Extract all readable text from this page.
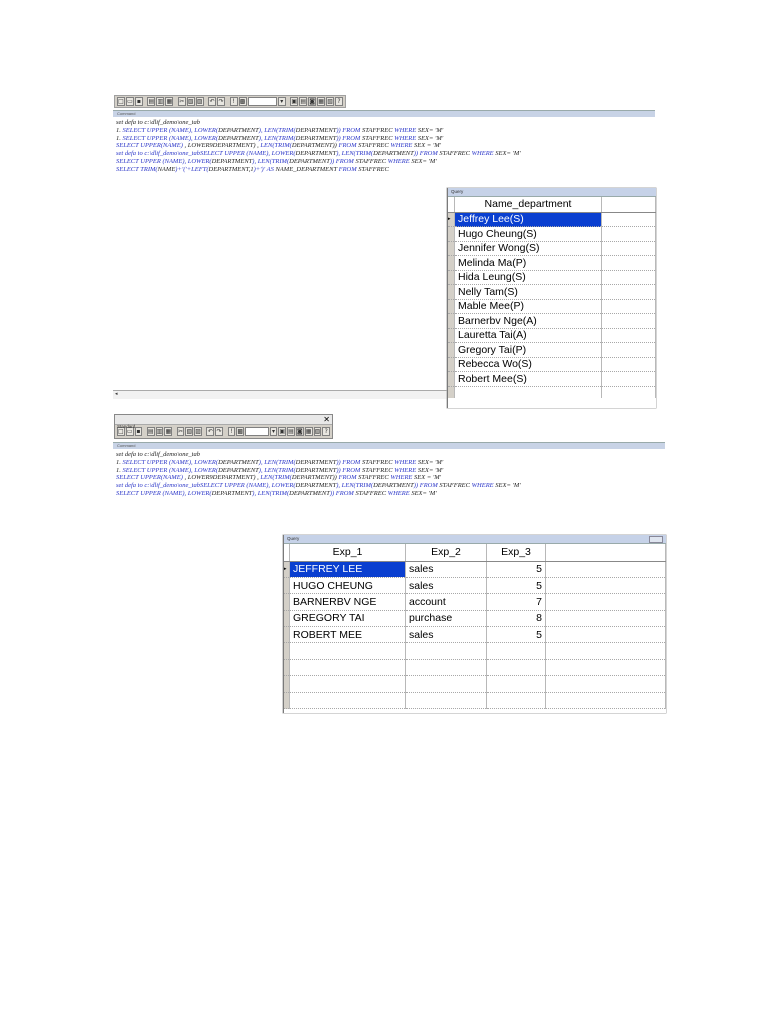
□ ▭ ▪	▤ ▥ ▦ ✂ ▧ ▨ ↶ ↷	! ▩	▾	▣ ▤ ◙ ▦ ▧ ?
Command
set defa to c:\dlif_demo\one_tab
1. SELECT UPPER (NAME), LOWER(DEPARTMENT), LEN(TRIM(DEPARTMENT)) FROM STAFFREC WHERE SEX= 'M'
1. SELECT UPPER (NAME), LOWER(DEPARTMENT), LEN(TRIM(DEPARTMENT)) FROM STAFFREC WHERE SEX= 'M'
SELECT UPPER(NAME) , LOWER9DEPARTMENT) , LEN(TRIM(DEPARTMENT)) FROM STAFFREC WHERE SEX = 'M'
set defa to c:\dlif_demo\one_tabSELECT UPPER (NAME), LOWER(DEPARTMENT), LEN(TRIM(DEPARTMENT)) FROM STAFFREC WHERE SEX= 'M'
SELECT UPPER (NAME), LOWER(DEPARTMENT), LEN(TRIM(DEPARTMENT)) FROM STAFFREC WHERE SEX= 'M'
SELECT TRIM(NAME)+'('+LEFT(DEPARTMENT,1)+')' AS NAME_DEPARTMENT FROM STAFFREC
◂
Query
	Name_department	
▸	Jeffrey Lee(S)	
	Hugo Cheung(S)	
	Jennifer Wong(S)	
	Melinda Ma(P)	
	Hida Leung(S)	
	Nelly Tam(S)	
	Mable Mee(P)	
	Barnerbv Nge(A)	
	Lauretta Tai(A)	
	Gregory Tai(P)	
	Rebecca Wo(S)	
	Robert Mee(S)	

Standard
✕
□ ▭ ▪	▤ ▥ ▦ ✂ ▧ ▨ ↶ ↷	! ▩	▾ ▣ ▤ ◙ ▦ ▧ ?
Command
set defa to c:\dlif_demo\one_tab
1. SELECT UPPER (NAME), LOWER(DEPARTMENT), LEN(TRIM(DEPARTMENT)) FROM STAFFREC WHERE SEX= 'M'
1. SELECT UPPER (NAME), LOWER(DEPARTMENT), LEN(TRIM(DEPARTMENT)) FROM STAFFREC WHERE SEX= 'M'
SELECT UPPER(NAME) , LOWER9DEPARTMENT) , LEN(TRIM(DEPARTMENT)) FROM STAFFREC WHERE SEX = 'M'
set defa to c:\dlif_demo\one_tabSELECT UPPER (NAME), LOWER(DEPARTMENT), LEN(TRIM(DEPARTMENT)) FROM STAFFREC WHERE SEX= 'M'
SELECT UPPER (NAME), LOWER(DEPARTMENT), LEN(TRIM(DEPARTMENT)) FROM STAFFREC WHERE SEX= 'M'
Query
	Exp_1	Exp_2	Exp_3	
▸	JEFFREY LEE	sales	5	
	HUGO CHEUNG	sales	5	
	BARNERBV NGE	account	7	
	GREGORY TAI	purchase	8	
	ROBERT MEE	sales	5	
